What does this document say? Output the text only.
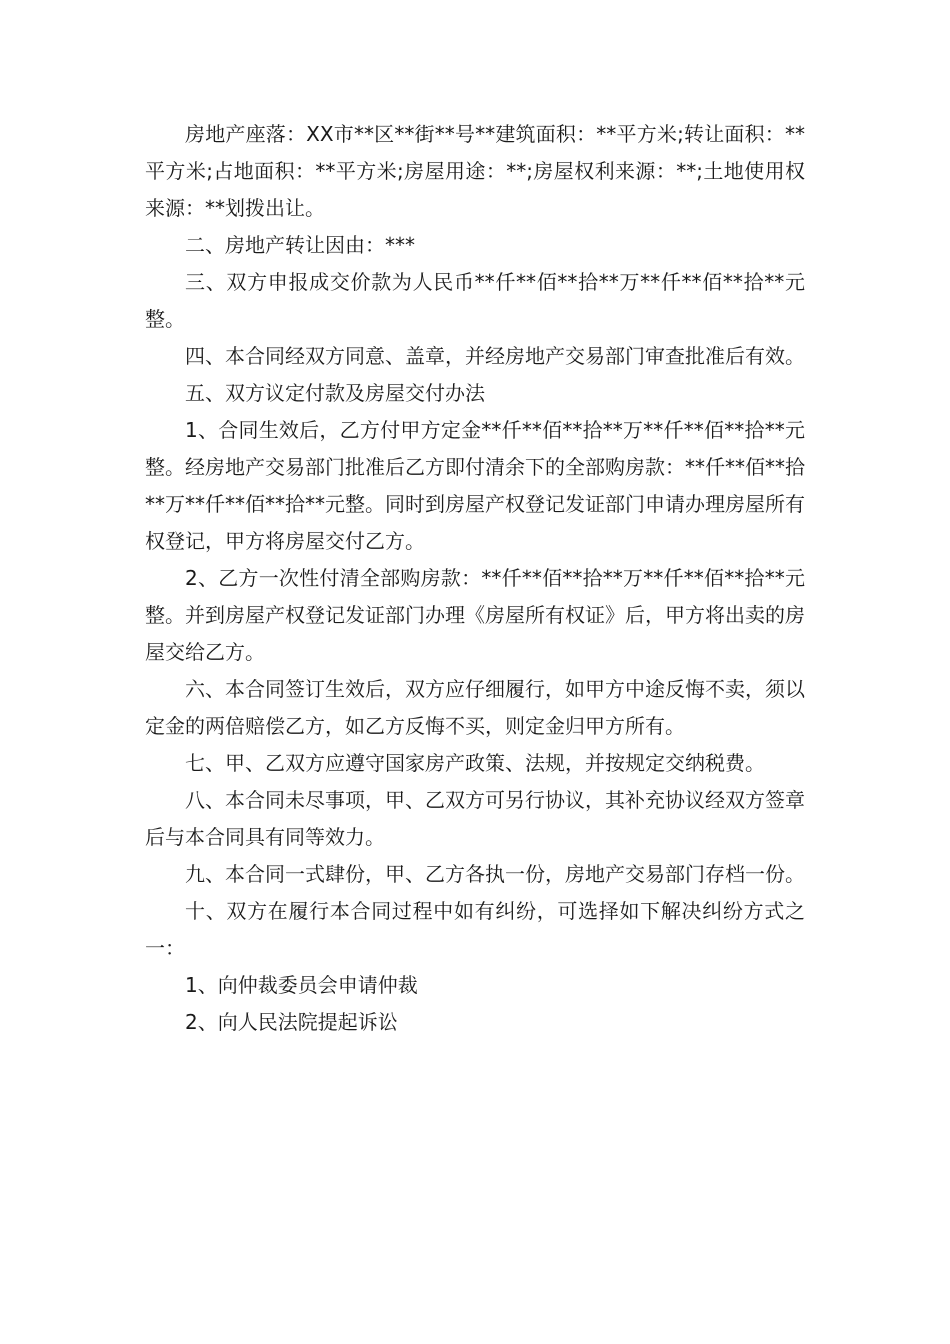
房地产座落：XX市**区**街**号**建筑面积：**平方米;转让面积：**平方米;占地面积：**平方米;房屋用途：**;房屋权利来源：**;土地使用权来源：**划拨出让。

二、房地产转让因由：***

三、双方申报成交价款为人民币**仟**佰**拾**万**仟**佰**拾**元整。

四、本合同经双方同意、盖章，并经房地产交易部门审查批准后有效。

五、双方议定付款及房屋交付办法

1、合同生效后，乙方付甲方定金**仟**佰**拾**万**仟**佰**拾**元整。经房地产交易部门批准后乙方即付清余下的全部购房款：**仟**佰**拾**万**仟**佰**拾**元整。同时到房屋产权登记发证部门申请办理房屋所有权登记，甲方将房屋交付乙方。

2、乙方一次性付清全部购房款：**仟**佰**拾**万**仟**佰**拾**元整。并到房屋产权登记发证部门办理《房屋所有权证》后，甲方将出卖的房屋交给乙方。

六、本合同签订生效后，双方应仔细履行，如甲方中途反悔不卖，须以定金的两倍赔偿乙方，如乙方反悔不买，则定金归甲方所有。

七、甲、乙双方应遵守国家房产政策、法规，并按规定交纳税费。

八、本合同未尽事项，甲、乙双方可另行协议，其补充协议经双方签章后与本合同具有同等效力。

九、本合同一式肆份，甲、乙方各执一份，房地产交易部门存档一份。

十、双方在履行本合同过程中如有纠纷，可选择如下解决纠纷方式之一：

1、向仲裁委员会申请仲裁

2、向人民法院提起诉讼
